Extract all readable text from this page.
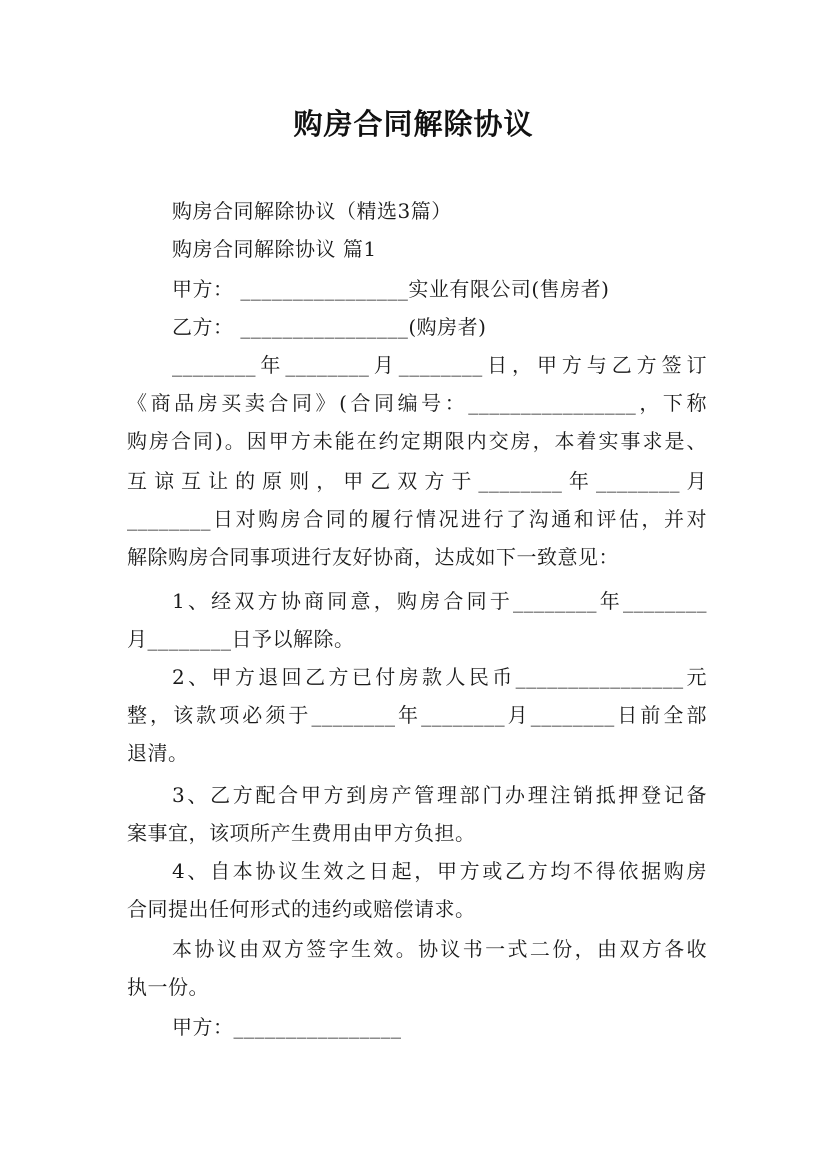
购房合同解除协议
购房合同解除协议（精选3篇）
购房合同解除协议 篇1
甲方： ________________实业有限公司(售房者)
乙方： ________________(购房者)
________年________月________日，甲方与乙方签订
《商品房买卖合同》(合同编号：________________，下称
购房合同)。因甲方未能在约定期限内交房，本着实事求是、
互谅互让的原则，甲乙双方于________年________月
________日对购房合同的履行情况进行了沟通和评估，并对
解除购房合同事项进行友好协商，达成如下一致意见：
1、经双方协商同意，购房合同于________年________
月________日予以解除。
2、甲方退回乙方已付房款人民币________________元
整，该款项必须于________年________月________日前全部
退清。
3、乙方配合甲方到房产管理部门办理注销抵押登记备
案事宜，该项所产生费用由甲方负担。
4、自本协议生效之日起，甲方或乙方均不得依据购房
合同提出任何形式的违约或赔偿请求。
本协议由双方签字生效。协议书一式二份，由双方各收
执一份。
甲方：________________
